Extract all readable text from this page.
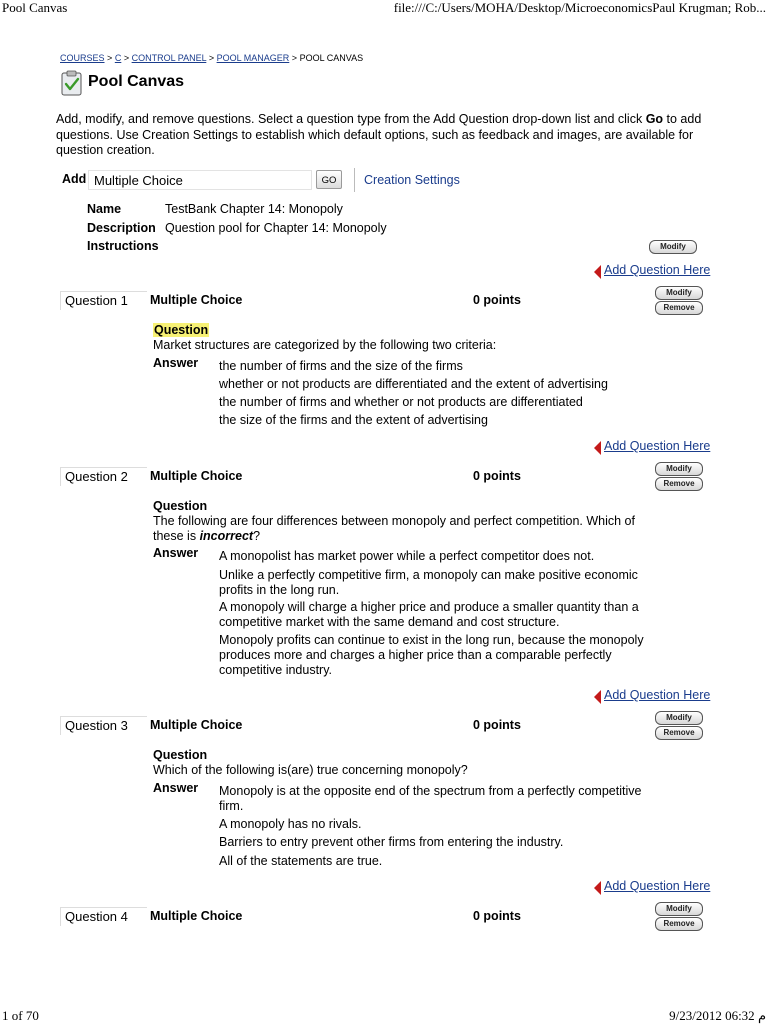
Pool Canvas	file:///C:/Users/MOHA/Desktop/MicroeconomicsPaul Krugman; Rob...
COURSES > C > CONTROL PANEL > POOL MANAGER > POOL CANVAS
Pool Canvas
Add, modify, and remove questions. Select a question type from the Add Question drop-down list and click Go to add questions. Use Creation Settings to establish which default options, such as feedback and images, are available for question creation.
Add Multiple Choice	GO	Creation Settings
Name	TestBank Chapter 14: Monopoly
Description Question pool for Chapter 14: Monopoly
Instructions	Modify
Add Question Here
Question 1	Multiple Choice	0 points
Modify
Remove
Question
Market structures are categorized by the following two criteria:
Answer the number of firms and the size of the firms
whether or not products are differentiated and the extent of advertising
the number of firms and whether or not products are differentiated
the size of the firms and the extent of advertising
Add Question Here
Question 2	Multiple Choice	0 points
Modify
Remove
Question
The following are four differences between monopoly and perfect competition. Which of these is incorrect?
Answer A monopolist has market power while a perfect competitor does not.
Unlike a perfectly competitive firm, a monopoly can make positive economic profits in the long run.
A monopoly will charge a higher price and produce a smaller quantity than a competitive market with the same demand and cost structure.
Monopoly profits can continue to exist in the long run, because the monopoly produces more and charges a higher price than a comparable perfectly competitive industry.
Add Question Here
Question 3	Multiple Choice	0 points
Modify
Remove
Question
Which of the following is(are) true concerning monopoly?
Answer Monopoly is at the opposite end of the spectrum from a perfectly competitive firm.
A monopoly has no rivals.
Barriers to entry prevent other firms from entering the industry.
All of the statements are true.
Add Question Here
Question 4	Multiple Choice	0 points
Modify
Remove
1 of 70	9/23/2012 06:32 م
